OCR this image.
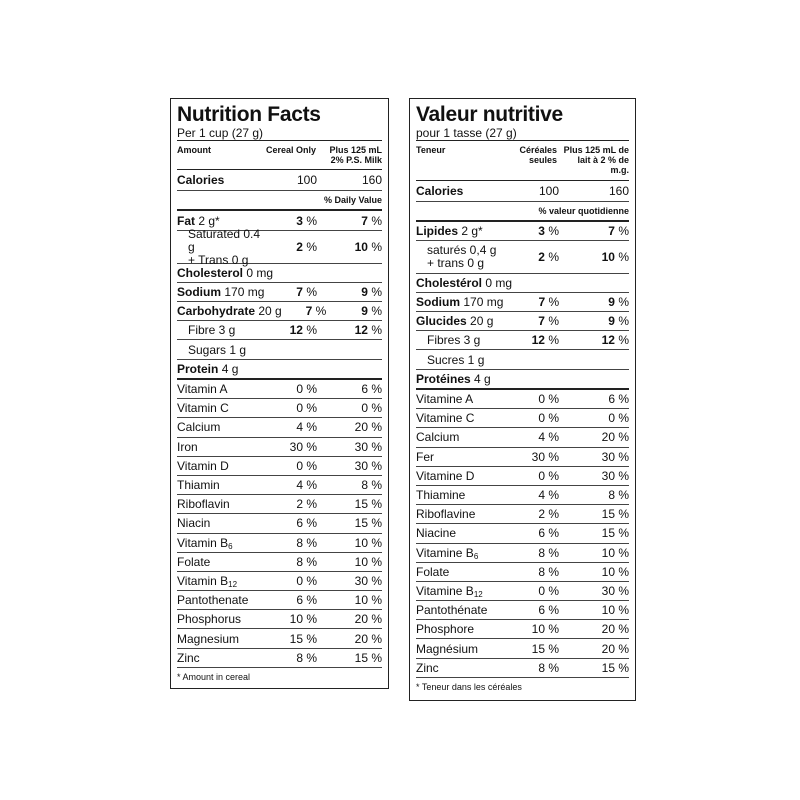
Nutrition Facts
Per 1 cup (27 g)
Amount	Cereal Only	Plus 125 mL 2% P.S. Milk
Calories	100	160
% Daily Value
Fat 2 g*	3 %	7 %
Saturated 0.4 g
+ Trans 0 g
2 %	10 %
Cholesterol 0 mg
Sodium 170 mg	7 %	9 %
Carbohydrate 20 g	7 %	9 %
Fibre 3 g	12 %	12 %
Sugars 1 g
Protein 4 g
Vitamin A	0 %	6 %
Vitamin C	0 %	0 %
Calcium	4 %	20 %
Iron	30 %	30 %
Vitamin D	0 %	30 %
Thiamin	4 %	8 %
Riboflavin	2 %	15 %
Niacin	6 %	15 %
Vitamin $B_6$	8 %	10 %
Folate	8 %	10 %
Vitamin $B_{12}$	0 %	30 %
Pantothenate	6 %	10 %
Phosphorus	10 %	20 %
Magnesium	15 %	20 %
Zinc	8 %	15 %
* Amount in cereal
Valeur nutritive
pour 1 tasse (27 g)
Teneur	Céréales seules
Plus 125 mL de lait à 2 % de m.g.
Calories	100	160
% valeur quotidienne
Lipides 2 g*	3 %	7 %
saturés 0,4 g
+ trans 0 g	2 %	10 %
Cholestérol 0 mg
Sodium 170 mg	7 %	9 %
Glucides 20 g	7 %	9 %
Fibres 3 g	12 %	12 %
Sucres 1 g
Protéines 4 g
Vitamine A	0 %	6 %
Vitamine C	0 %	0 %
Calcium	4 %	20 %
Fer	30 %	30 %
Vitamine D	0 %	30 %
Thiamine	4 %	8 %
Riboflavine	2 %	15 %
Niacine	6 %	15 %
Vitamine $B_6$	8 %	10 %
Folate	8 %	10 %
Vitamine $B_{12}$	0 %	30 %
Pantothénate	6 %	10 %
Phosphore	10 %	20 %
Magnésium	15 %	20 %
Zinc	8 %	15 %
* Teneur dans les céréales
